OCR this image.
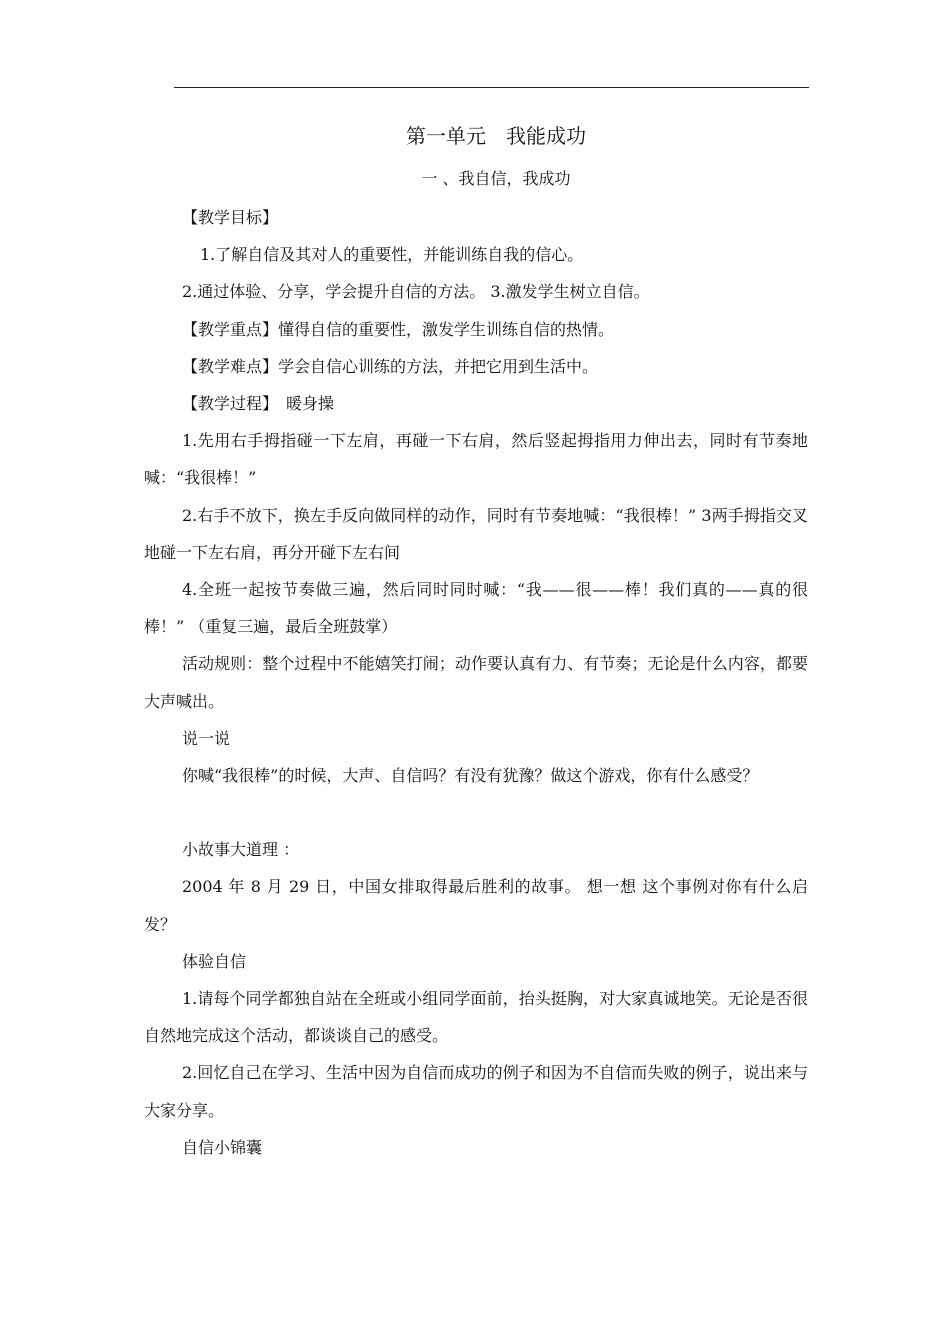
第一单元　我能成功
一 、我自信，我成功

【教学目标】

1.了解自信及其对人的重要性，并能训练自我的信心。

2.通过体验、分享，学会提升自信的方法。 3.激发学生树立自信。

【教学重点】懂得自信的重要性，激发学生训练自信的热情。

【教学难点】学会自信心训练的方法，并把它用到生活中。

【教学过程】　暖身操

1.先用右手拇指碰一下左肩，再碰一下右肩，然后竖起拇指用力伸出去，同时有节奏地喊：“我很棒！”

2.右手不放下，换左手反向做同样的动作，同时有节奏地喊：“我很棒！” 3两手拇指交叉地碰一下左右肩，再分开碰下左右间

4.全班一起按节奏做三遍，然后同时同时喊：“我——很——棒！我们真的——真的很棒！” （重复三遍，最后全班鼓掌）

活动规则：整个过程中不能嬉笑打闹；动作要认真有力、有节奏；无论是什么内容，都要大声喊出。

说一说

你喊“我很棒”的时候，大声、自信吗？有没有犹豫？做这个游戏，你有什么感受？

小故事大道理 ：

2004 年 8 月 29 日，中国女排取得最后胜利的故事。 想一想 这个事例对你有什么启发？

体验自信

1.请每个同学都独自站在全班或小组同学面前，抬头挺胸，对大家真诚地笑。无论是否很自然地完成这个活动，都谈谈自己的感受。

2.回忆自己在学习、生活中因为自信而成功的例子和因为不自信而失败的例子，说出来与大家分享。

自信小锦囊
